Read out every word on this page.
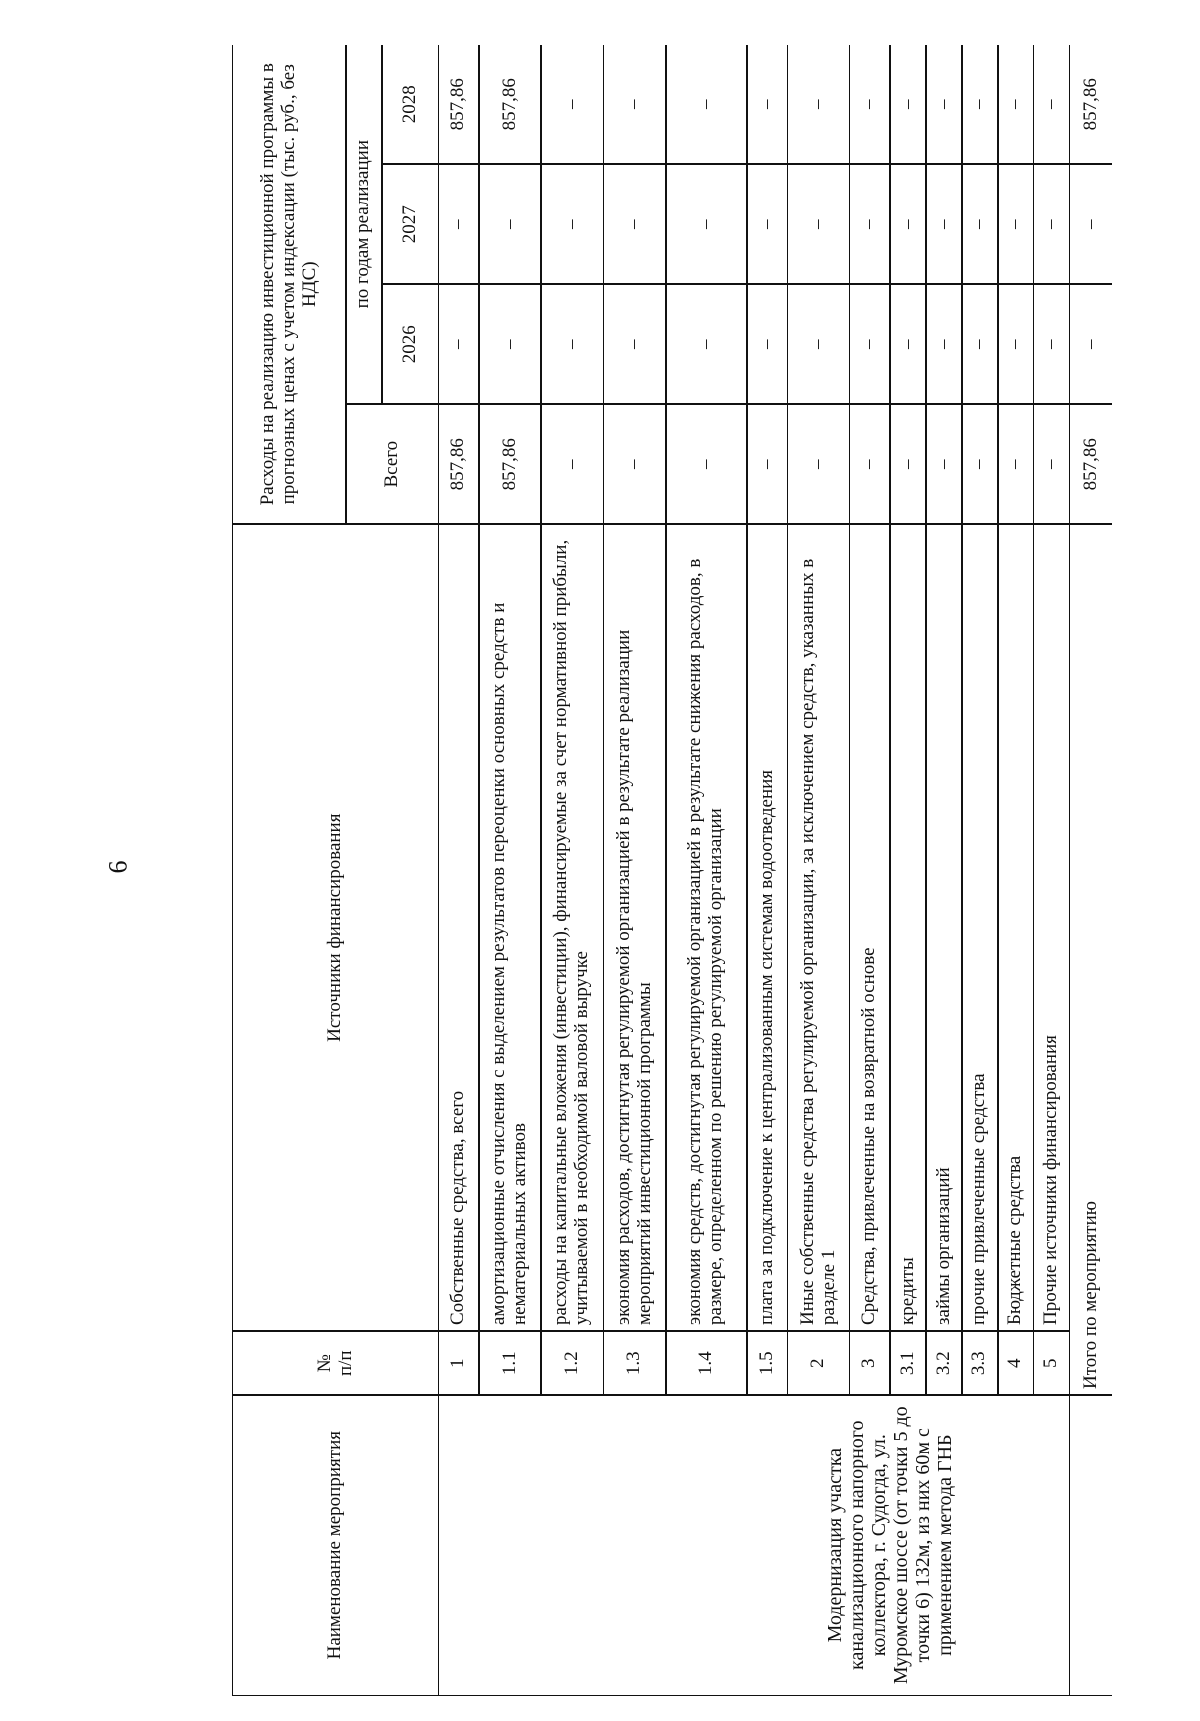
6
Наименование мероприятия
№
п/п
Источники финансирования
Расходы на реализацию инвестиционной программы в прогнозных ценах с учетом индексации (тыс. руб., без НДС)
Всего
по годам реализации
2026
2027
2028
Модернизация участка канализационного напорного коллектора, г. Судогда, ул. Муромское шоссе (от точки 5 до точки 6) 132м, из них 60м с применением метода ГНБ
1
Собственные средства, всего
857,86
–
–
857,86
1.1
амортизационные отчисления с выделением результатов переоценки основных средств и нематериальных активов
857,86
–
–
857,86
1.2
расходы на капитальные вложения (инвестиции), финансируемые за счет нормативной прибыли, учитываемой в необходимой валовой выручке
–
–
–
–
1.3
экономия расходов, достигнутая регулируемой организацией в результате реализации мероприятий инвестиционной программы
–
–
–
–
1.4
экономия средств, достигнутая регулируемой организацией в результате снижения расходов, в размере, определенном по решению регулируемой организации
–
–
–
–
1.5
плата за подключение к централизованным системам водоотведения
–
–
–
–
2
Иные собственные средства регулируемой организации, за исключением средств, указанных в разделе 1
–
–
–
–
3
Средства, привлеченные на возвратной основе
–
–
–
–
3.1
кредиты
–
–
–
–
3.2
займы организаций
–
–
–
–
3.3
прочие привлеченные средства
–
–
–
–
4
Бюджетные средства
–
–
–
–
5
Прочие источники финансирования
–
–
–
–
Итого по мероприятию
857,86
–
–
857,86
